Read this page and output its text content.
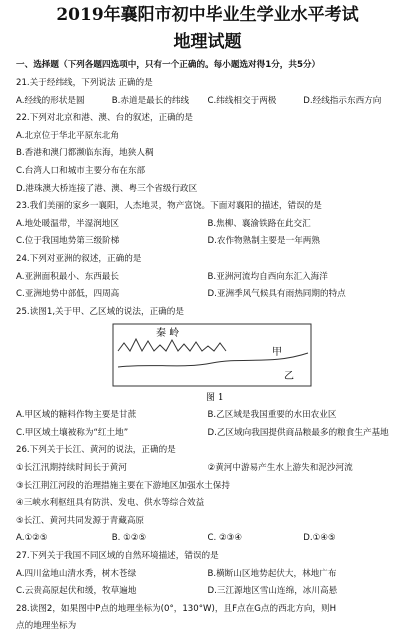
2019年襄阳市初中毕业生学业水平考试
地理试题
一、选择题（下列各题四选项中，只有一个正确的。每小题选对得1分，共5分）
21.关于经纬线，下列说法 正确的是
A.经线的形状是圆	B.赤道是最长的纬线	C.纬线相交于两极	D.经线指示东西方向
22.下列对北京和港、澳、台的叙述，正确的是
A.北京位于华北平原东北角
B.香港和澳门都濒临东海，地狭人稠
C.台湾人口和城市主要分布在东部
D.港珠澳大桥连接了港、澳、粤三个省级行政区
23.我们美丽的家乡一襄阳，人杰地灵，物产富饶。下面对襄阳的描述，错误的是
A.地处暖温带，半湿润地区	B.焦柳、襄渝铁路在此交汇
C.位于我国地势第三级阶梯	D.农作物熟制主要是一年两熟
24.下列对亚洲的叙述，正确的是
A.亚洲面积最小、东西最长	B.亚洲河流均自西向东汇入海洋
C.亚洲地势中部低，四周高	D.亚洲季风气候具有雨热同期的特点
25.读图1,关于甲、乙区域的说法，正确的是
秦 岭
甲
乙
图 1
A.甲区域的糖料作物主要是甘蔗	B.乙区域是我国重要的水田农业区
C.甲区域土壤被称为“红土地”	D.乙区域向我国提供商品粮最多的粮食生产基地
26.下列关于长江、黄河的说法，正确的是
①长江汛期持续时间长于黄河	②黄河中游易产生水上游失和泥沙河流
③长江荆江河段的治理措施主要在下游地区加强水土保持
④三峡水利枢纽具有防洪、发电、供水等综合效益
⑤长江、黄河共同发源于青藏高原
A.①②⑤	B. ①②⑤	C. ②③④	D.①④⑤
27.下列关于我国不同区域的自然环境描述，错误的是
A.四川盆地山清水秀，树木苍绿	B.横断山区地势起伏大，林地广布
C.云贵高原起伏和缓，牧草遍地	D.三江源地区雪山连绵，冰川高悬
28.读图2，如果图中P点的地理坐标为(0°，130°W)，且F点在G点的西北方向，则H
点的地理坐标为
